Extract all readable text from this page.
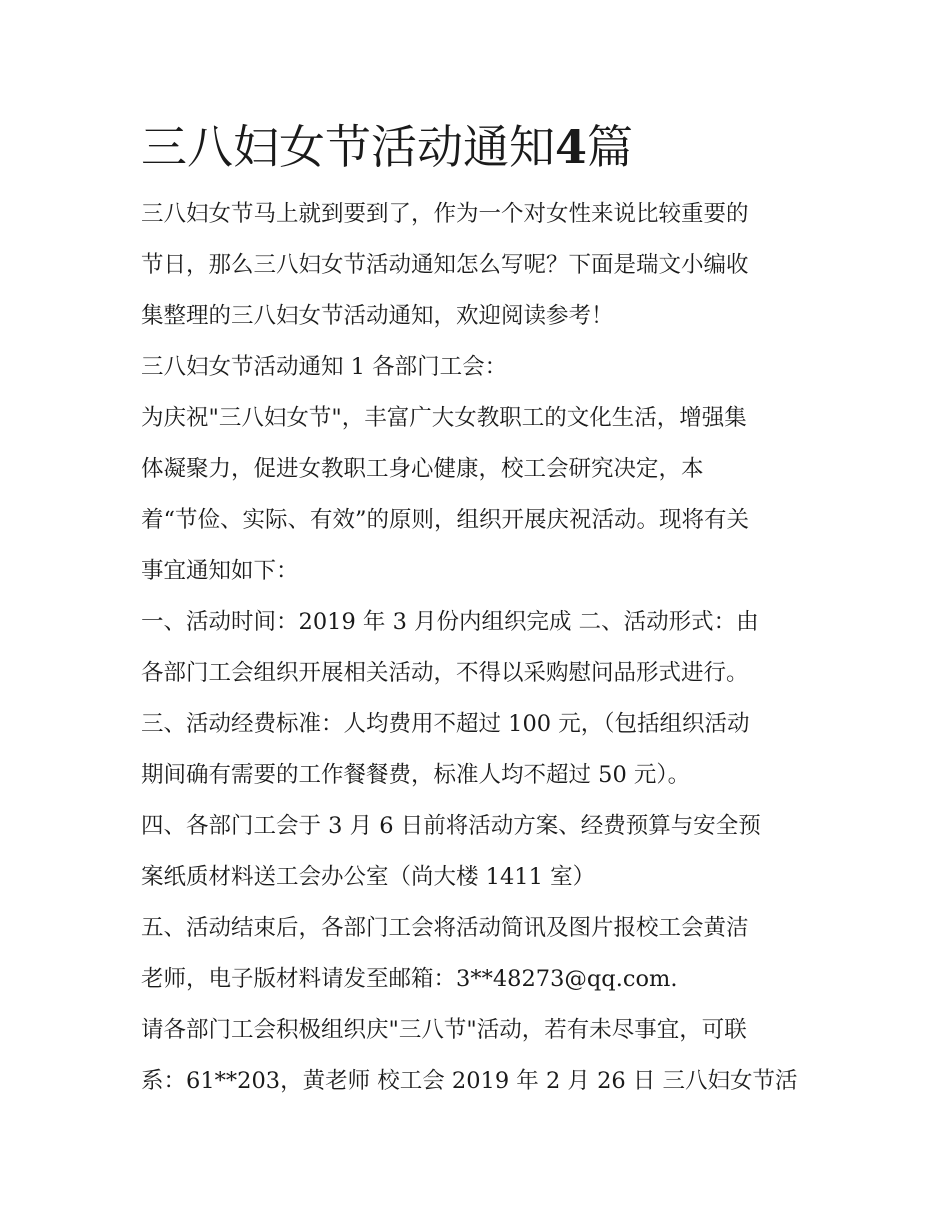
三八妇女节活动通知4篇
三八妇女节马上就到要到了，作为一个对女性来说比较重要的
节日，那么三八妇女节活动通知怎么写呢？下面是瑞文小编收
集整理的三八妇女节活动通知，欢迎阅读参考！
三八妇女节活动通知 1 各部门工会：
为庆祝"三八妇女节"，丰富广大女教职工的文化生活，增强集
体凝聚力，促进女教职工身心健康，校工会研究决定，本
着“节俭、实际、有效”的原则，组织开展庆祝活动。现将有关
事宜通知如下：
一、活动时间：2019 年 3 月份内组织完成 二、活动形式：由
各部门工会组织开展相关活动，不得以采购慰问品形式进行。
三、活动经费标准：人均费用不超过 100 元，（包括组织活动
期间确有需要的工作餐餐费，标准人均不超过 50 元）。
四、各部门工会于 3 月 6 日前将活动方案、经费预算与安全预
案纸质材料送工会办公室（尚大楼 1411 室）
五、活动结束后，各部门工会将活动简讯及图片报校工会黄洁
老师，电子版材料请发至邮箱：3**48273@qq.com.
请各部门工会积极组织庆"三八节"活动，若有未尽事宜，可联
系：61**203，黄老师 校工会 2019 年 2 月 26 日 三八妇女节活
